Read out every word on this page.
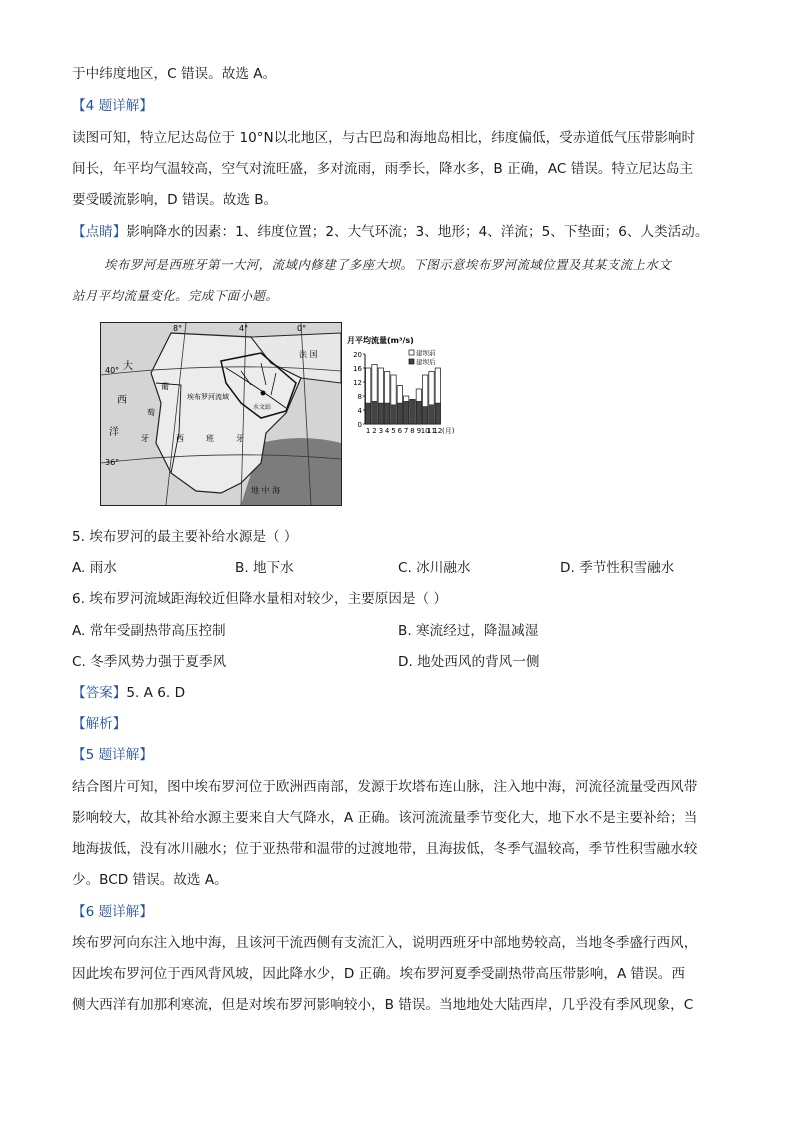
于中纬度地区，C 错误。故选 A。
【4 题详解】
读图可知，特立尼达岛位于 10°N以北地区，与古巴岛和海地岛相比，纬度偏低，受赤道低气压带影响时
间长，年平均气温较高，空气对流旺盛，多对流雨，雨季长，降水多，B 正确，AC 错误。特立尼达岛主
要受暖流影响，D 错误。故选 B。
【点睛】影响降水的因素：1、纬度位置；2、大气环流；3、地形；4、洋流；5、下垫面；6、人类活动。
埃布罗河是西班牙第一大河，流域内修建了多座大坝。下图示意埃布罗河流域位置及其某支流上水文
站月平均流量变化。完成下面小题。
8°	4°	0°
40°
36°
大
西
洋
法 国
葡
萄
牙	西	班	牙
埃布罗河流域
水文站
地 中 海
月平均流量(m³/s)
20
16
12
8
4
0
1 2 3 4 5 6 7 8 9 10
11
12 (月)
建坝前
建坝后
5. 埃布罗河的最主要补给水源是（ ）
A. 雨水	B. 地下水	C. 冰川融水	D. 季节性积雪融水
6. 埃布罗河流域距海较近但降水量相对较少，主要原因是（ ）
A. 常年受副热带高压控制	B. 寒流经过，降温减湿
C. 冬季风势力强于夏季风	D. 地处西风的背风一侧
【答案】5. A 6. D
【解析】
【5 题详解】
结合图片可知，图中埃布罗河位于欧洲西南部，发源于坎塔布连山脉，注入地中海，河流径流量受西风带
影响较大，故其补给水源主要来自大气降水，A 正确。该河流流量季节变化大，地下水不是主要补给；当
地海拔低，没有冰川融水；位于亚热带和温带的过渡地带，且海拔低，冬季气温较高，季节性积雪融水较
少。BCD 错误。故选 A。
【6 题详解】
埃布罗河向东注入地中海，且该河干流西侧有支流汇入，说明西班牙中部地势较高，当地冬季盛行西风，
因此埃布罗河位于西风背风坡，因此降水少，D 正确。埃布罗河夏季受副热带高压带影响，A 错误。西
侧大西洋有加那利寒流，但是对埃布罗河影响较小，B 错误。当地地处大陆西岸，几乎没有季风现象，C
